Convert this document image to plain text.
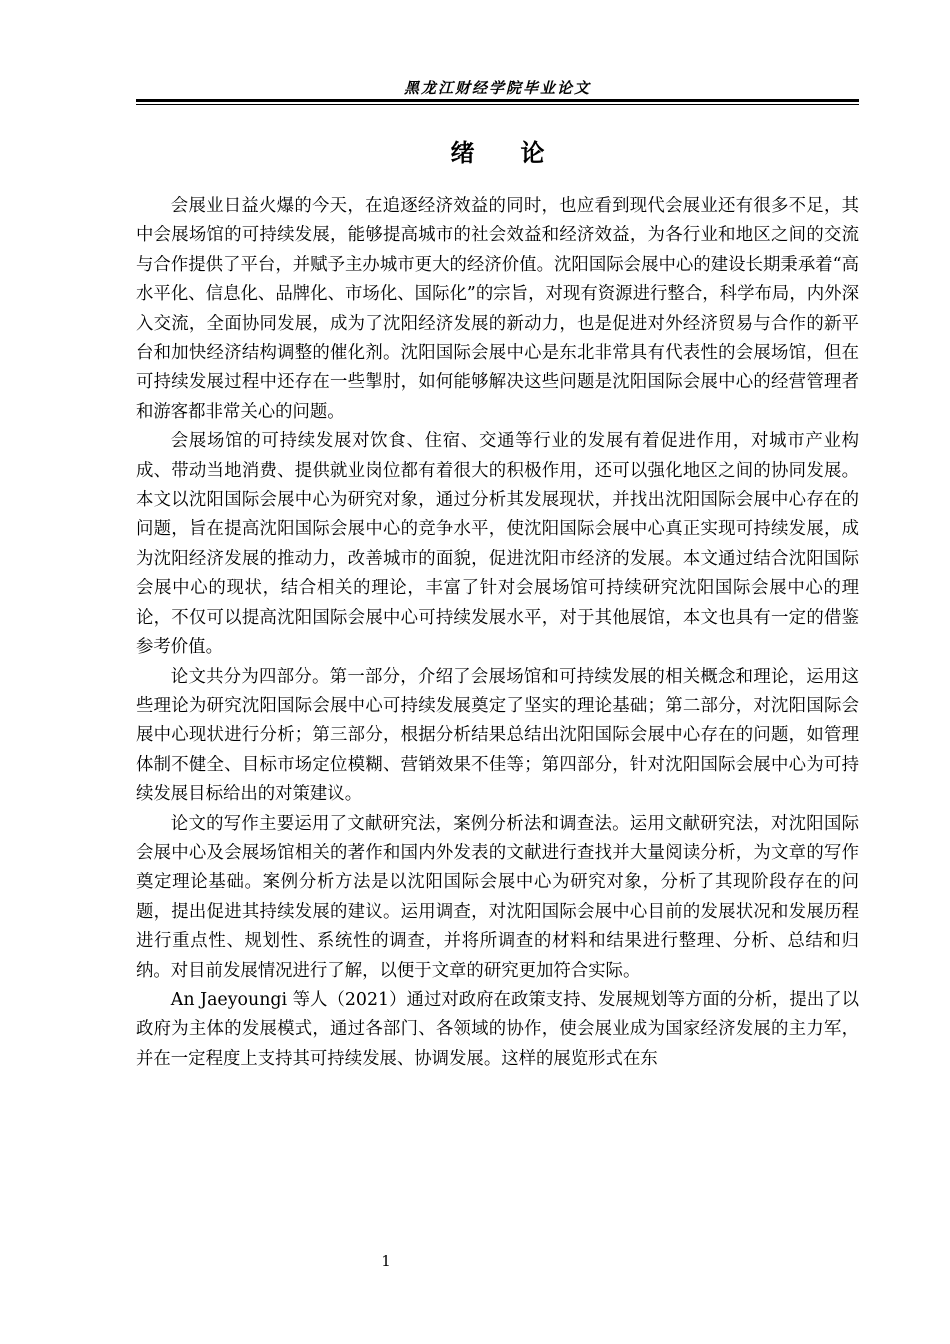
黑龙江财经学院毕业论文
绪论

会展业日益火爆的今天，在追逐经济效益的同时，也应看到现代会展业还有很多不足，其中会展场馆的可持续发展，能够提高城市的社会效益和经济效益，为各行业和地区之间的交流与合作提供了平台，并赋予主办城市更大的经济价值。沈阳国际会展中心的建设长期秉承着“高水平化、信息化、品牌化、市场化、国际化”的宗旨，对现有资源进行整合，科学布局，内外深入交流，全面协同发展，成为了沈阳经济发展的新动力，也是促进对外经济贸易与合作的新平台和加快经济结构调整的催化剂。沈阳国际会展中心是东北非常具有代表性的会展场馆，但在可持续发展过程中还存在一些掣肘，如何能够解决这些问题是沈阳国际会展中心的经营管理者和游客都非常关心的问题。

会展场馆的可持续发展对饮食、住宿、交通等行业的发展有着促进作用，对城市产业构成、带动当地消费、提供就业岗位都有着很大的积极作用，还可以强化地区之间的协同发展。本文以沈阳国际会展中心为研究对象，通过分析其发展现状，并找出沈阳国际会展中心存在的问题，旨在提高沈阳国际会展中心的竞争水平，使沈阳国际会展中心真正实现可持续发展，成为沈阳经济发展的推动力，改善城市的面貌，促进沈阳市经济的发展。本文通过结合沈阳国际会展中心的现状，结合相关的理论，丰富了针对会展场馆可持续研究沈阳国际会展中心的理论，不仅可以提高沈阳国际会展中心可持续发展水平，对于其他展馆，本文也具有一定的借鉴参考价值。

论文共分为四部分。第一部分，介绍了会展场馆和可持续发展的相关概念和理论，运用这些理论为研究沈阳国际会展中心可持续发展奠定了坚实的理论基础；第二部分，对沈阳国际会展中心现状进行分析；第三部分，根据分析结果总结出沈阳国际会展中心存在的问题，如管理体制不健全、目标市场定位模糊、营销效果不佳等；第四部分，针对沈阳国际会展中心为可持续发展目标给出的对策建议。

论文的写作主要运用了文献研究法，案例分析法和调查法。运用文献研究法，对沈阳国际会展中心及会展场馆相关的著作和国内外发表的文献进行查找并大量阅读分析，为文章的写作奠定理论基础。案例分析方法是以沈阳国际会展中心为研究对象，分析了其现阶段存在的问题，提出促进其持续发展的建议。运用调查，对沈阳国际会展中心目前的发展状况和发展历程进行重点性、规划性、系统性的调查，并将所调查的材料和结果进行整理、分析、总结和归纳。对目前发展情况进行了解，以便于文章的研究更加符合实际。

An Jaeyoungi 等人（2021）通过对政府在政策支持、发展规划等方面的分析，提出了以政府为主体的发展模式，通过各部门、各领域的协作，使会展业成为国家经济发展的主力军，并在一定程度上支持其可持续发展、协调发展。这样的展览形式在东

1
